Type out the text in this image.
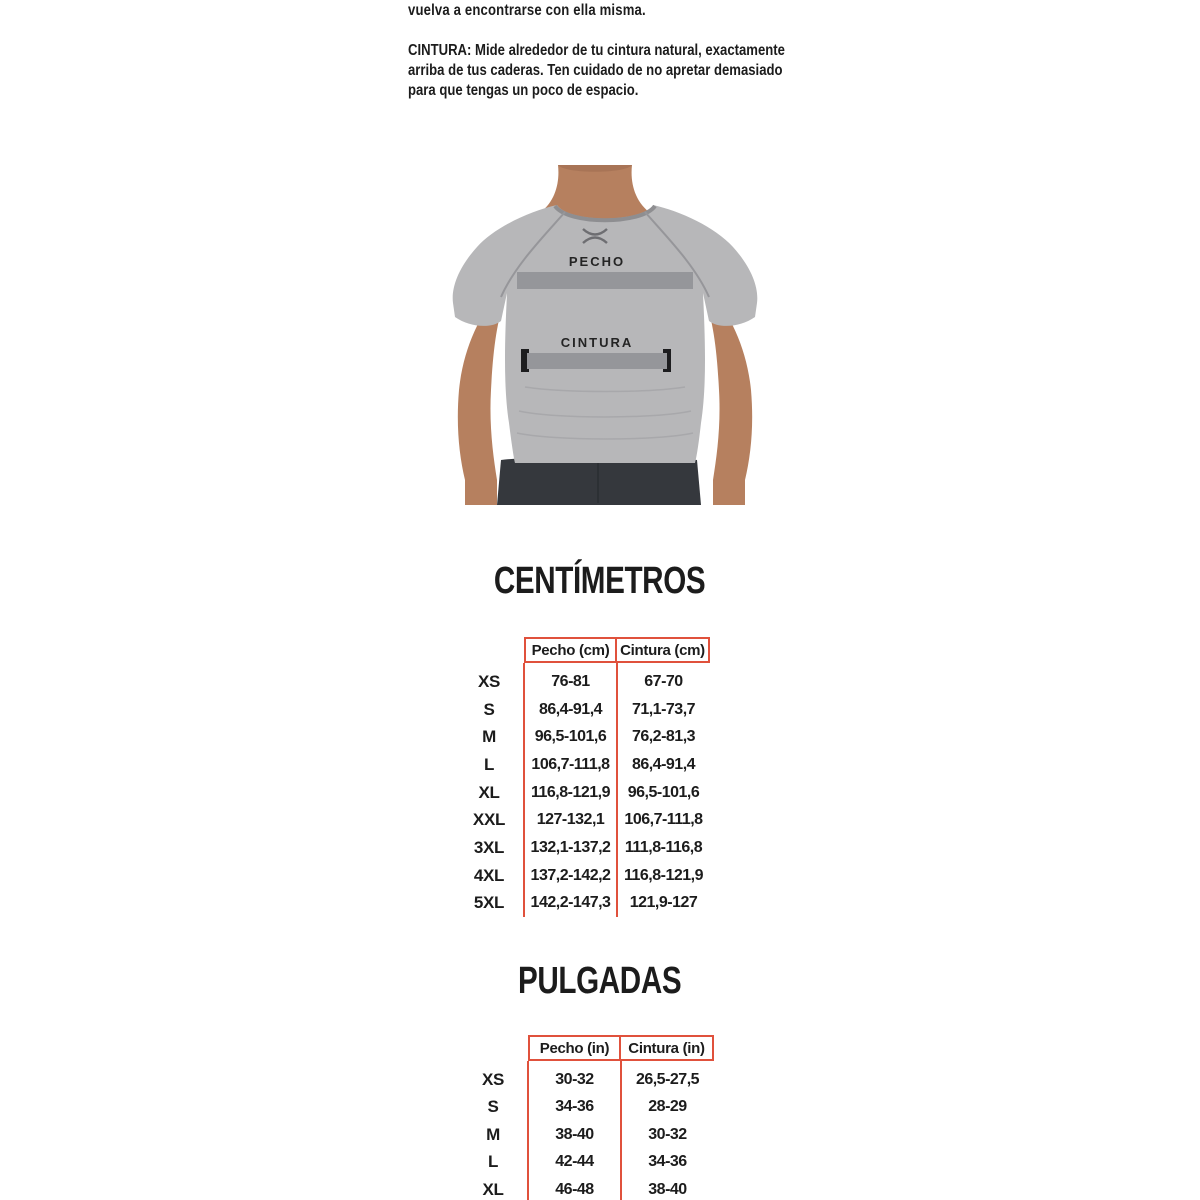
vuelva a encontrarse con ella misma.
CINTURA: Mide alrededor de tu cintura natural, exactamente
arriba de tus caderas. Ten cuidado de no apretar demasiado
para que tengas un poco de espacio.
PECHO
CINTURA
CENTÍMETROS
Pecho (cm) Cintura (cm)
XS	76-81	67-70
S	86,4-91,4	71,1-73,7
M	96,5-101,6	76,2-81,3
L	106,7-111,8	86,4-91,4
XL	116,8-121,9	96,5-101,6
XXL	127-132,1	106,7-111,8
3XL	132,1-137,2 111,8-116,8
4XL	137,2-142,2 116,8-121,9
5XL	142,2-147,3	121,9-127
PULGADAS
Pecho (in)	Cintura (in)
XS	30-32	26,5-27,5
S	34-36	28-29
M	38-40	30-32
L	42-44	34-36
XL	46-48	38-40
